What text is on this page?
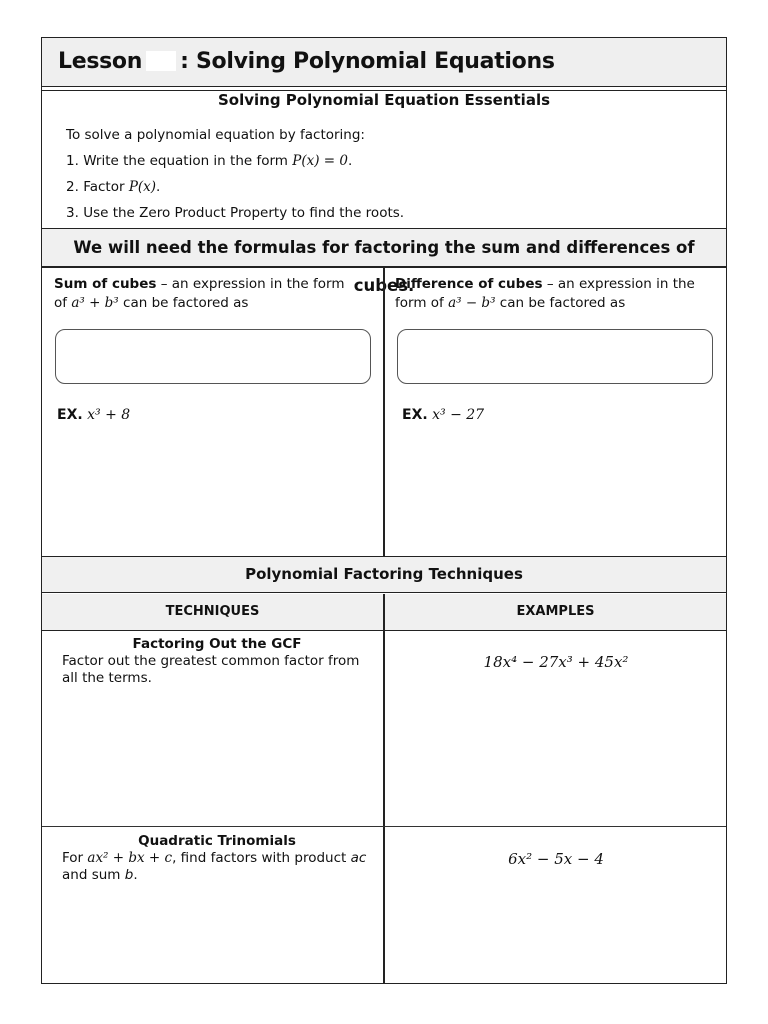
Lesson : Solving Polynomial Equations
Solving Polynomial Equation Essentials
To solve a polynomial equation by factoring:
1. Write the equation in the form P(x) = 0.
2. Factor P(x).
3. Use the Zero Product Property to find the roots.
We will need the formulas for factoring the sum and differences of cubes.
Sum of cubes – an expression in the form
of a³ + b³ can be factored as
EX. x³ + 8
Difference of cubes – an expression in the
form of a³ − b³ can be factored as
EX. x³ − 27
Polynomial Factoring Techniques
TECHNIQUES	EXAMPLES
Factoring Out the GCF
Factor out the greatest common factor from all the terms.
18x⁴ − 27x³ + 45x²
Quadratic Trinomials
For ax² + bx + c, find factors with product ac and sum b.
6x² − 5x − 4
